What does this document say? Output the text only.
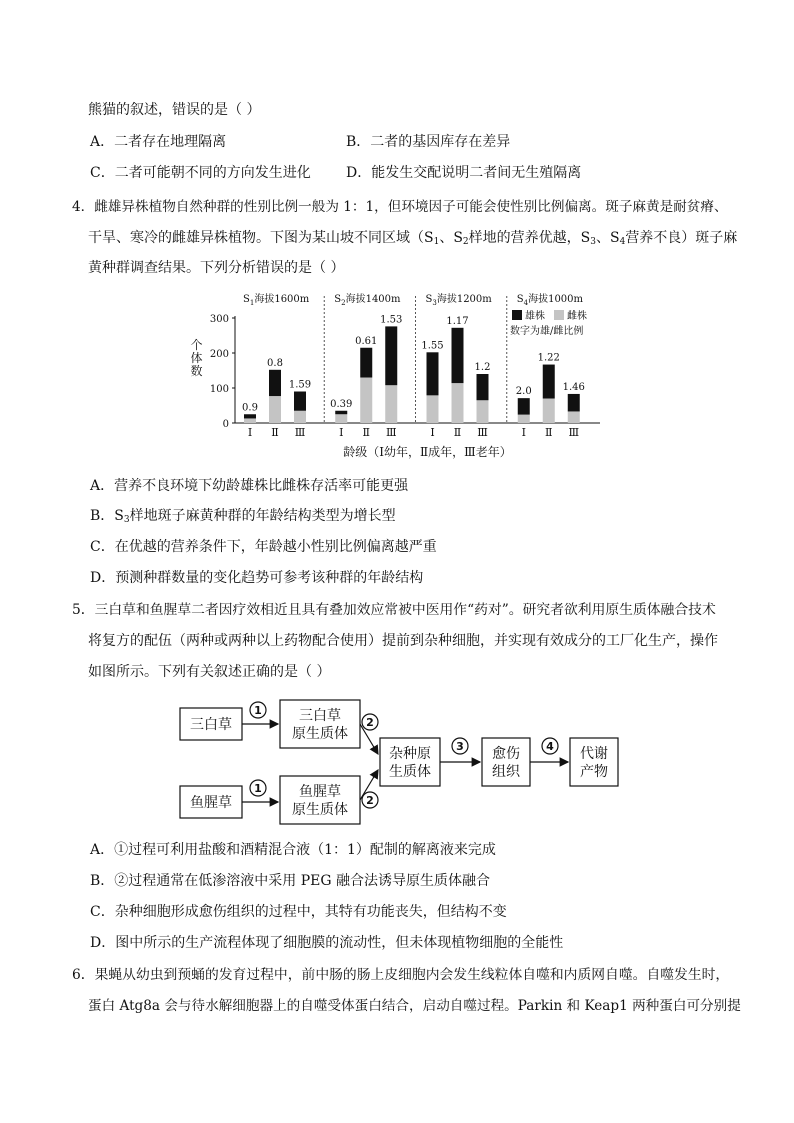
熊猫的叙述，错误的是（ ）
A．二者存在地理隔离	B．二者的基因库存在差异
C．二者可能朝不同的方向发生进化	D．能发生交配说明二者间无生殖隔离
4．雌雄异株植物自然种群的性别比例一般为 1：1，但环境因子可能会使性别比例偏离。斑子麻黄是耐贫瘠、
干旱、寒冷的雌雄异株植物。下图为某山坡不同区域（$S_1$、$S_2$样地的营养优越，$S_3$、$S_4$营养不良）斑子麻
黄种群调查结果。下列分析错误的是（ ）
0
100
200
300
个体数
$S_1$海拔1600m
0.9
Ⅰ
0.8
Ⅱ
1.59
Ⅲ
$S_2$海拔1400m
0.39
Ⅰ
0.61
Ⅱ
1.53
Ⅲ
$S_3$海拔1200m
1.55
Ⅰ
1.17
Ⅱ
1.2
Ⅲ
$S_4$海拔1000m
2.0
Ⅰ
1.22
Ⅱ
1.46
Ⅲ
雄株 雌株
数字为雄/雌比例
龄级（Ⅰ幼年，Ⅱ成年，Ⅲ老年）
A．营养不良环境下幼龄雄株比雌株存活率可能更强
B．$S_3$样地斑子麻黄种群的年龄结构类型为增长型
C．在优越的营养条件下，年龄越小性别比例偏离越严重
D．预测种群数量的变化趋势可参考该种群的年龄结构
5．三白草和鱼腥草二者因疗效相近且具有叠加效应常被中医用作“药对”。研究者欲利用原生质体融合技术
将复方的配伍（两种或两种以上药物配合使用）提前到杂种细胞，并实现有效成分的工厂化生产，操作
如图所示。下列有关叙述正确的是（ ）
三白草
三白草
原生质体
鱼腥草
鱼腥草
原生质体
杂种原
生质体
愈伤
组织
代谢
产物
1
1
2
2
3	4
A．①过程可利用盐酸和酒精混合液（1：1）配制的解离液来完成
B．②过程通常在低渗溶液中采用 PEG 融合法诱导原生质体融合
C．杂种细胞形成愈伤组织的过程中，其特有功能丧失，但结构不变
D．图中所示的生产流程体现了细胞膜的流动性，但未体现植物细胞的全能性
6．果蝇从幼虫到预蛹的发育过程中，前中肠的肠上皮细胞内会发生线粒体自噬和内质网自噬。自噬发生时，
蛋白 Atg8a 会与待水解细胞器上的自噬受体蛋白结合，启动自噬过程。Parkin 和 Keap1 两种蛋白可分别提
